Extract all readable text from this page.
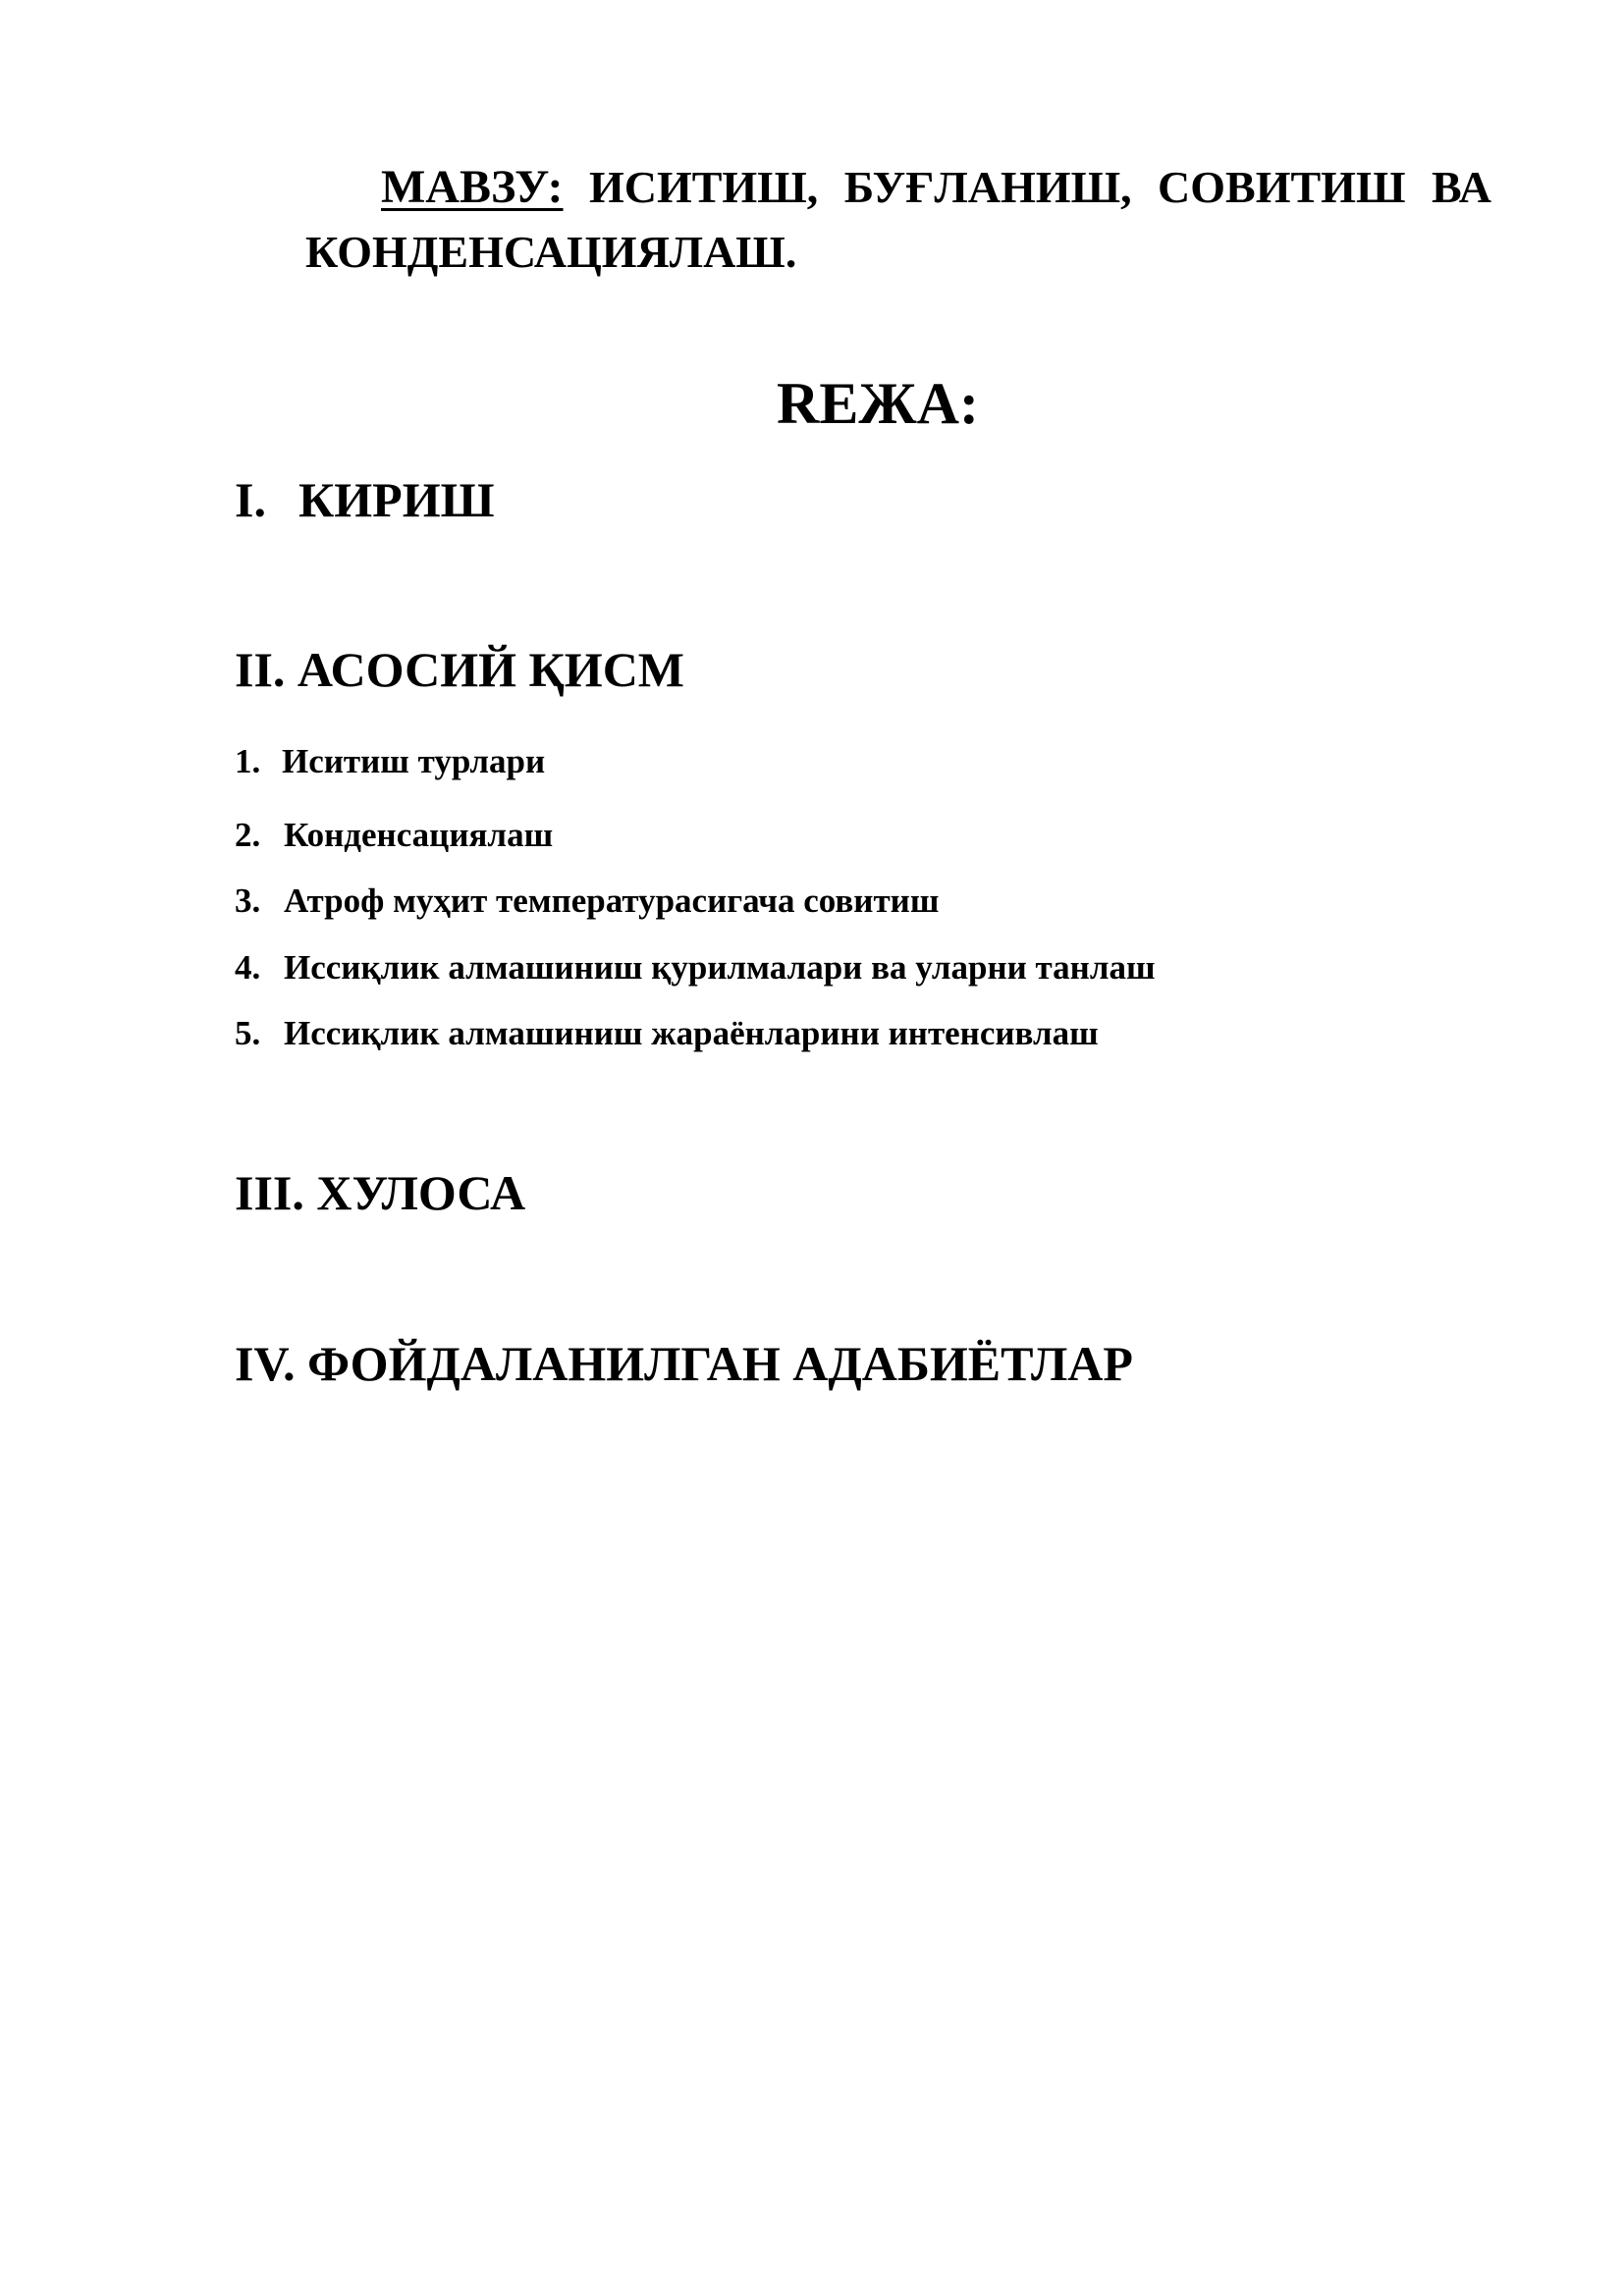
МАВЗУ: ИСИТИШ, БУҒЛАНИШ, СОВИТИШ ВА
КОНДЕНСАЦИЯЛАШ.
REЖА:
I. КИРИШ
II. АСОСИЙ ҚИСМ
1. Иситиш турлари
2. Конденсациялаш
3. Атроф муҳит температурасигача совитиш
4. Иссиқлик алмашиниш қурилмалари ва уларни танлаш
5. Иссиқлик алмашиниш жараёнларини интенсивлаш
III. ХУЛОСА
IV. ФОЙДАЛАНИЛГАН АДАБИЁТЛАР
